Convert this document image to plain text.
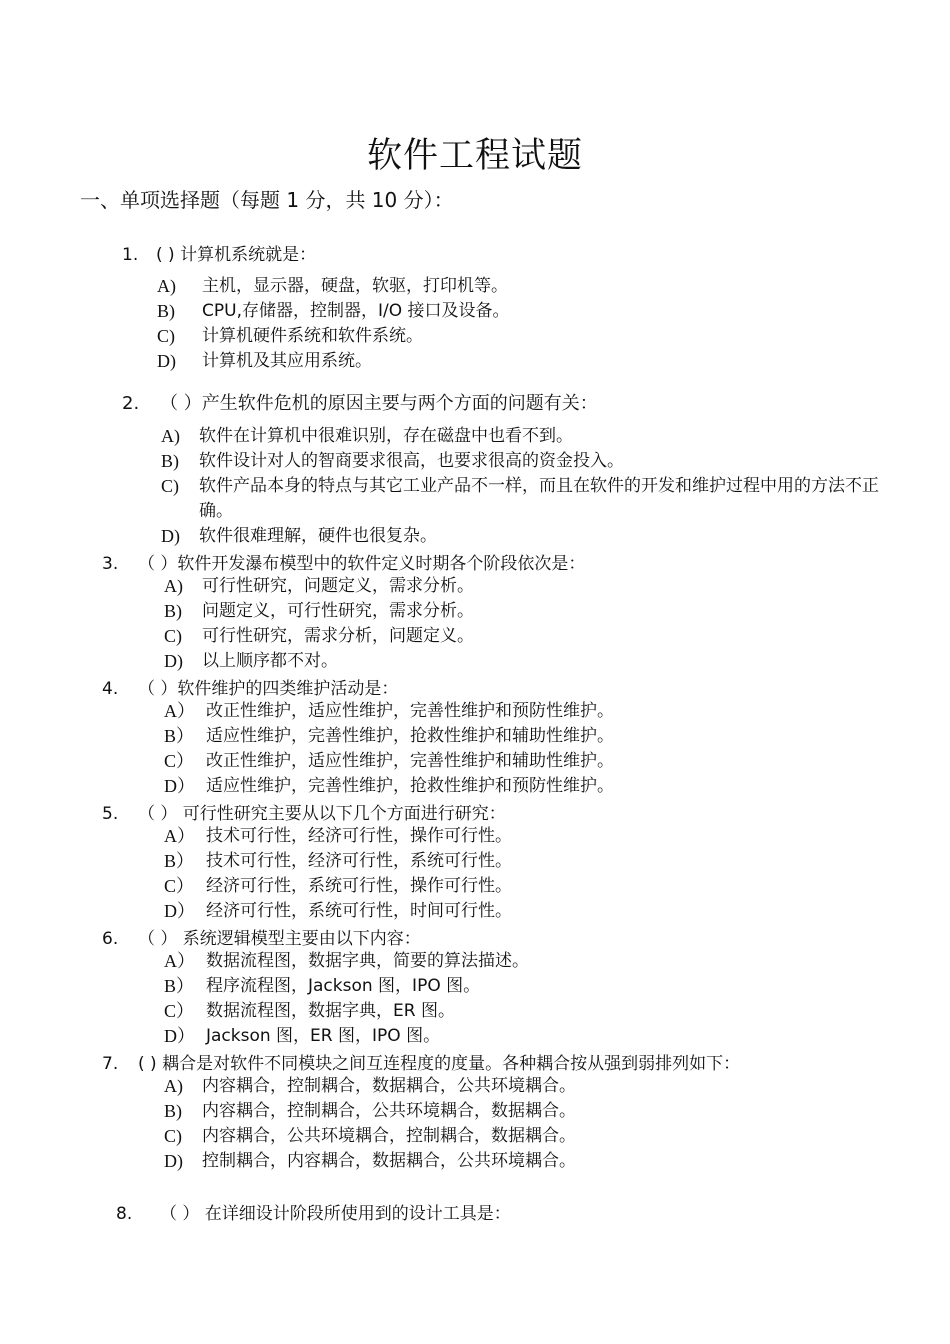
软件工程试题
一、单项选择题（每题 1 分，共 10 分）：
1. ( ) 计算机系统就是：
A) 主机，显示器，硬盘，软驱，打印机等。
B) CPU,存储器，控制器，I/O 接口及设备。
C) 计算机硬件系统和软件系统。
D) 计算机及其应用系统。
2. （ ）产生软件危机的原因主要与两个方面的问题有关：
A) 软件在计算机中很难识别，存在磁盘中也看不到。
B) 软件设计对人的智商要求很高，也要求很高的资金投入。
C) 软件产品本身的特点与其它工业产品不一样，而且在软件的开发和维护过程中用的方法不正确。
D) 软件很难理解，硬件也很复杂。
3. （ ）软件开发瀑布模型中的软件定义时期各个阶段依次是：
A) 可行性研究，问题定义，需求分析。
B) 问题定义，可行性研究，需求分析。
C) 可行性研究，需求分析，问题定义。
D) 以上顺序都不对。
4. （ ）软件维护的四类维护活动是：
A） 改正性维护，适应性维护，完善性维护和预防性维护。
B） 适应性维护，完善性维护，抢救性维护和辅助性维护。
C） 改正性维护，适应性维护，完善性维护和辅助性维护。
D） 适应性维护，完善性维护，抢救性维护和预防性维护。
5. （ ） 可行性研究主要从以下几个方面进行研究：
A） 技术可行性，经济可行性，操作可行性。
B） 技术可行性，经济可行性，系统可行性。
C） 经济可行性，系统可行性，操作可行性。
D） 经济可行性，系统可行性，时间可行性。
6. （ ） 系统逻辑模型主要由以下内容：
A） 数据流程图，数据字典，简要的算法描述。
B） 程序流程图，Jackson 图，IPO 图。
C） 数据流程图，数据字典，ER 图。
D） Jackson 图，ER 图，IPO 图。
7. ( ) 耦合是对软件不同模块之间互连程度的度量。各种耦合按从强到弱排列如下：
A) 内容耦合，控制耦合，数据耦合，公共环境耦合。
B) 内容耦合，控制耦合，公共环境耦合，数据耦合。
C) 内容耦合，公共环境耦合，控制耦合，数据耦合。
D) 控制耦合，内容耦合，数据耦合，公共环境耦合。
8. （ ） 在详细设计阶段所使用到的设计工具是：
